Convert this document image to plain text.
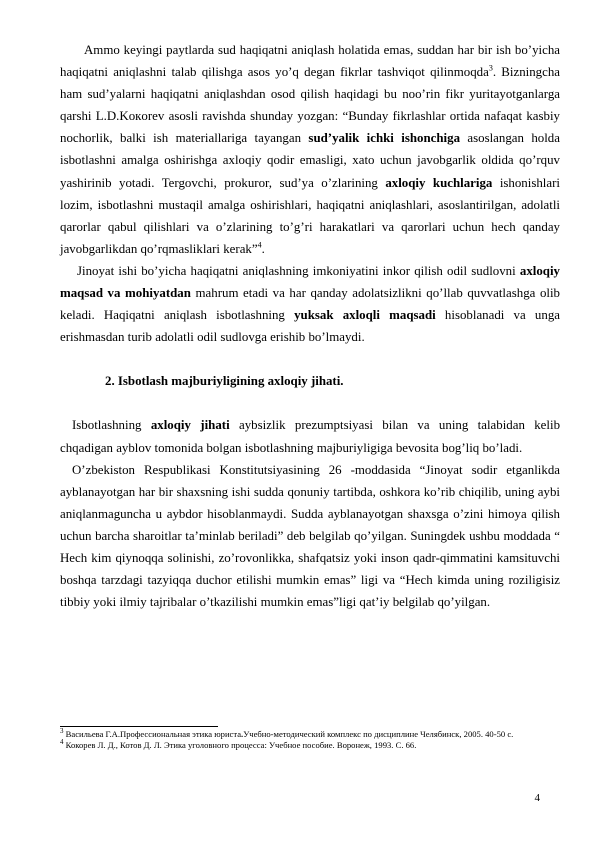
Ammo keyingi paytlarda sud haqiqatni aniqlash holatida emas, suddan har bir ish bo’yicha haqiqatni aniqlashni talab qilishga asos yo’q degan fikrlar tashviqot qilinmoqda$^3$. Bizningcha ham sud’yalarni haqiqatni aniqlashdan osod qilish haqidagi bu noo’rin fikr yuritayotganlarga qarshi L.D.Kокorev asosli ravishda shunday yozgan: “Bunday fikrlashlar ortida nafaqat kasbiy nochorlik, balki ish materiallariga tayangan sud’yalik ichki ishonchiga asoslangan holda isbotlashni amalga oshirishga axloqiy qodir emasligi, xato uchun javobgarlik oldida qo’rquv yashirinib yotadi. Tergovchi, prokuror, sud’ya o’zlarining axloqiy kuchlariga ishonishlari lozim, isbotlashni mustaqil amalga oshirishlari, haqiqatni aniqlashlari, asoslantirilgan, adolatli qarorlar qabul qilishlari va o’zlarining to’g’ri harakatlari va qarorlari uchun hech qanday javobgarlikdan qo’rqmasliklari kerak”$^4$.

Jinoyat ishi bo’yicha haqiqatni aniqlashning imkoniyatini inkor qilish odil sudlovni axloqiy maqsad va mohiyatdan mahrum etadi va har qanday adolatsizlikni qo’llab quvvatlashga olib keladi. Haqiqatni aniqlash isbotlashning yuksak axloqli maqsadi hisoblanadi va unga erishmasdan turib adolatli odil sudlovga erishib bo’lmaydi.

2. Isbotlash majburiyligining axloqiy jihati.

Isbotlashning axloqiy jihati aybsizlik prezumptsiyasi bilan va uning talabidan kelib chqadigan ayblov tomonida bolgan isbotlashning majburiyligiga bevosita bog’liq bo’ladi.

O’zbekiston Respublikasi Konstitutsiyasining 26 -moddasida “Jinoyat sodir etganlikda ayblanayotgan har bir shaxsning ishi sudda qonuniy tartibda, oshkora ko’rib chiqilib, uning aybi aniqlanmaguncha u aybdor hisoblanmaydi. Sudda ayblanayotgan shaxsga o’zini himoya qilish uchun barcha sharoitlar ta’minlab beriladi” deb belgilab qo’yilgan. Suningdek ushbu moddada “ Hech kim qiynoqqa solinishi, zo’rovonlikka, shafqatsiz yoki inson qadr-qimmatini kamsituvchi boshqa tarzdagi tazyiqqa duchor etilishi mumkin emas” ligi va “Hech kimda uning roziligisiz tibbiy yoki ilmiy tajribalar o’tkazilishi mumkin emas”ligi qat’iy belgilab qo’yilgan.

$^3$ Васильева Г.А.Профессиональная этика юриста.Учебно-методический комплекс по дисциплине Челябинск, 2005. 40-50 с.

$^4$ Кокорев Л. Д., Котов Д. Л. Этика уголовного процесса: Учебное пособие. Воронеж, 1993. С. 66.

4
